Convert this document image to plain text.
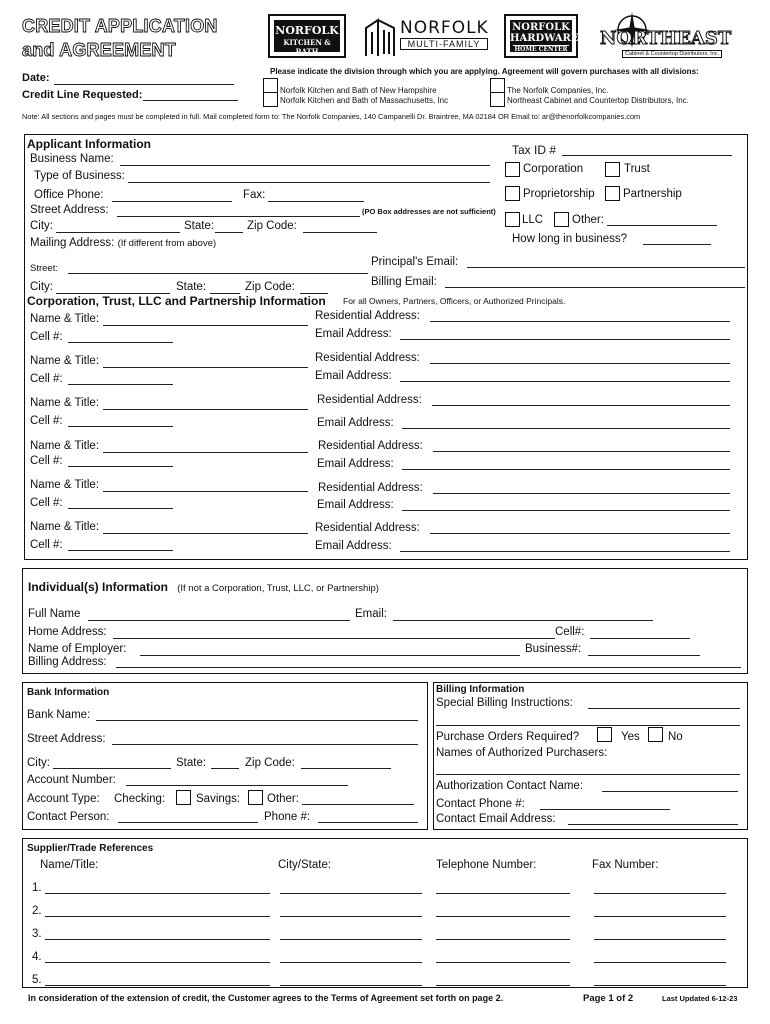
CREDIT APPLICATION
and AGREEMENT
Date:
Credit Line Requested:
NORFOLK
KITCHEN & BATH
NORFOLK
MULTI-FAMILY
NORFOLK
HARDWARE
HOME CENTER
NORTHEAST
Cabinet & Countertop Distributors, Inc.
Please indicate the division through which you are applying. Agreement will govern purchases with all divisions:
Norfolk Kitchen and Bath of New Hampshire
Norfolk Kitchen and Bath of Massachusetts, Inc
The Norfolk Companies, Inc.
Northeast Cabinet and Countertop Distributors, Inc.
Note: All sections and pages must be completed in full. Mail completed form to: The Norfolk Companies, 140 Campanelli Dr. Braintree, MA 02184 OR Email to: ar@thenorfolkcompanies.com
Applicant Information
Business Name:
Type of Business:
Office Phone:	Fax:
Street Address:	(PO Box addresses are not sufficient)
City:	State:	Zip Code:
Mailing Address: (If different from above)
Street:
City:	State:	Zip Code:
Tax ID #
Corporation	Trust
Proprietorship Partnership
LLC	Other:
How long in business?
Principal's Email:
Billing Email:
Corporation, Trust, LLC and Partnership Information For all Owners, Partners, Officers, or Authorized Principals.
Name & Title:
Cell #:
Residential Address:
Email Address:
Name & Title:
Cell #:
Residential Address:
Email Address:
Name & Title:
Cell #:
Residential Address:
Email Address:
Name & Title:
Cell #:
Residential Address:
Email Address:
Name & Title:
Cell #:
Residential Address:
Email Address:
Name & Title:
Cell #:
Residential Address:
Email Address:
Individual(s) Information (If not a Corporation, Trust, LLC, or Partnership)
Full Name	Email:
Home Address:	Cell#:
Name of Employer:	Business#:
Billing Address:
Bank Information
Bank Name:
Street Address:
City:	State:	Zip Code:
Account Number:
Account Type: Checking:	Savings: Other:
Contact Person:	Phone #:
Billing Information
Special Billing Instructions:
Purchase Orders Required?	Yes No
Names of Authorized Purchasers:
Authorization Contact Name:
Contact Phone #:
Contact Email Address:
Supplier/Trade References
Name/Title:	City/State:	Telephone Number:	Fax Number:
1.
2.
3.
4.
5.
In consideration of the extension of credit, the Customer agrees to the Terms of Agreement set forth on page 2.	Page 1 of 2	Last Updated 6-12-23
